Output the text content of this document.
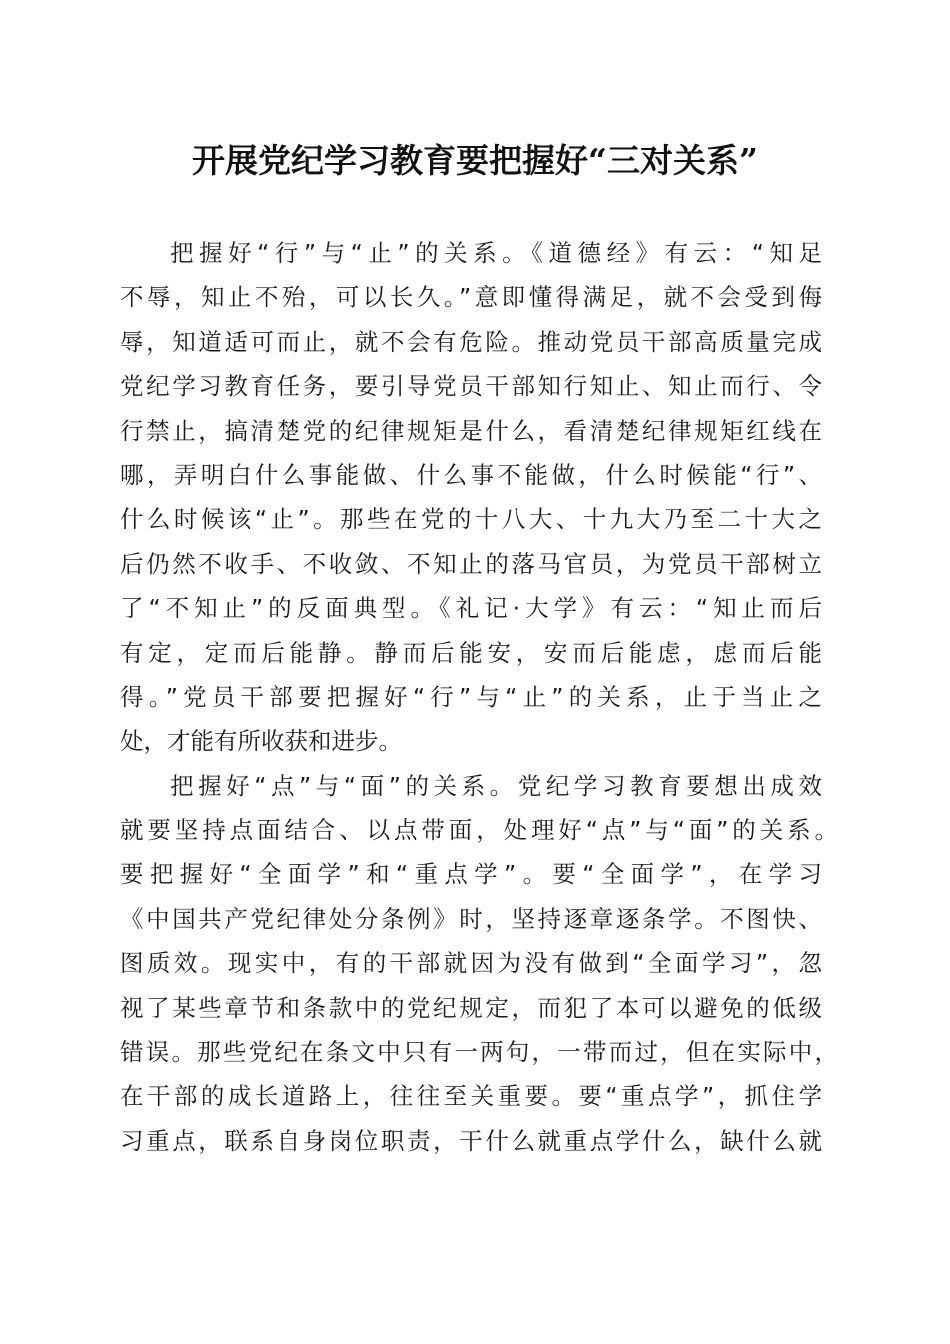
开展党纪学习教育要把握好“三对关系”

把握好“行”与“止”的关系。《道德经》有云：“知足
不辱，知止不殆，可以长久。”意即懂得满足，就不会受到侮
辱，知道适可而止，就不会有危险。推动党员干部高质量完成
党纪学习教育任务，要引导党员干部知行知止、知止而行、令
行禁止，搞清楚党的纪律规矩是什么，看清楚纪律规矩红线在
哪，弄明白什么事能做、什么事不能做，什么时候能“行”、
什么时候该“止”。那些在党的十八大、十九大乃至二十大之
后仍然不收手、不收敛、不知止的落马官员，为党员干部树立
了“不知止”的反面典型。《礼记·大学》有云：“知止而后
有定，定而后能静。静而后能安，安而后能虑，虑而后能
得。”党员干部要把握好“行”与“止”的关系，止于当止之
处，才能有所收获和进步。

把握好“点”与“面”的关系。党纪学习教育要想出成效
就要坚持点面结合、以点带面，处理好“点”与“面”的关系。
要把握好“全面学”和“重点学”。要“全面学”，在学习
《中国共产党纪律处分条例》时，坚持逐章逐条学。不图快、
图质效。现实中，有的干部就因为没有做到“全面学习”，忽
视了某些章节和条款中的党纪规定，而犯了本可以避免的低级
错误。那些党纪在条文中只有一两句，一带而过，但在实际中，
在干部的成长道路上，往往至关重要。要“重点学”，抓住学
习重点，联系自身岗位职责，干什么就重点学什么，缺什么就
